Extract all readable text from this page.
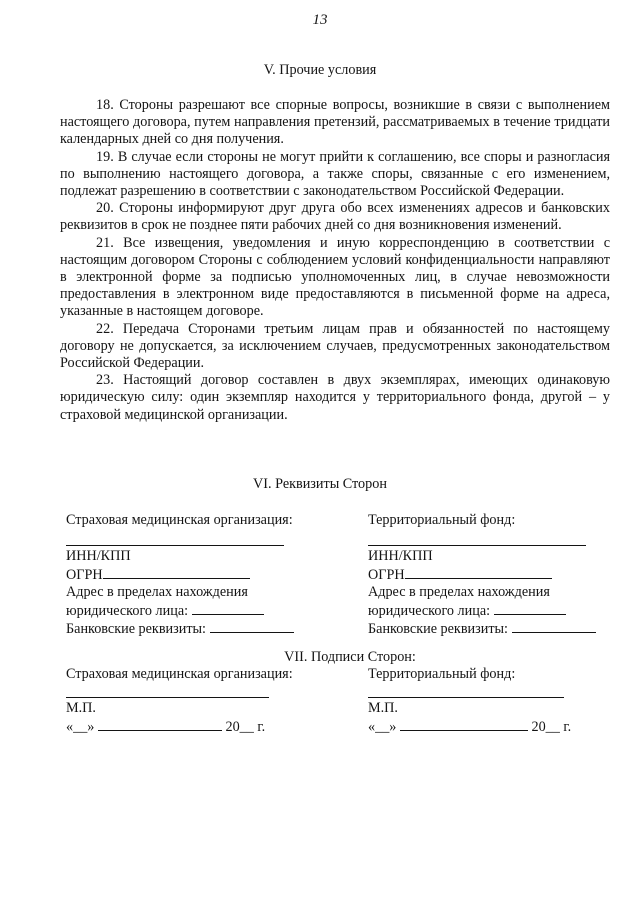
13
V. Прочие условия

18. Стороны разрешают все спорные вопросы, возникшие в связи с выполнением настоящего договора, путем направления претензий, рассматриваемых в течение тридцати календарных дней со дня получения.

19. В случае если стороны не могут прийти к соглашению, все споры и разногласия по выполнению настоящего договора, а также споры, связанные с его изменением, подлежат разрешению в соответствии с законодательством Российской Федерации.

20. Стороны информируют друг друга обо всех изменениях адресов и банковских реквизитов в срок не позднее пяти рабочих дней со дня возникновения изменений.

21. Все извещения, уведомления и иную корреспонденцию в соответствии с настоящим договором Стороны с соблюдением условий конфиденциальности направляют в электронной форме за подписью уполномоченных лиц, в случае невозможности предоставления в электронном виде предоставляются в письменной форме на адреса, указанные в настоящем договоре.

22. Передача Сторонами третьим лицам прав и обязанностей по настоящему договору не допускается, за исключением случаев, предусмотренных законодательством Российской Федерации.

23. Настоящий договор составлен в двух экземплярах, имеющих одинаковую юридическую силу: один экземпляр находится у территориального фонда, другой – у страховой медицинской организации.

VI. Реквизиты Сторон
Страховая медицинская организация:
ИНН/КПП
ОГРН
Адрес в пределах нахождения
юридического лица:
Банковские реквизиты:
Территориальный фонд:
ИНН/КПП
ОГРН
Адрес в пределах нахождения
юридического лица:
Банковские реквизиты:
VII. Подписи Сторон:
Страховая медицинская организация:
М.П.
«__»	20__ г.
Территориальный фонд:
М.П.
«__»	20__ г.
